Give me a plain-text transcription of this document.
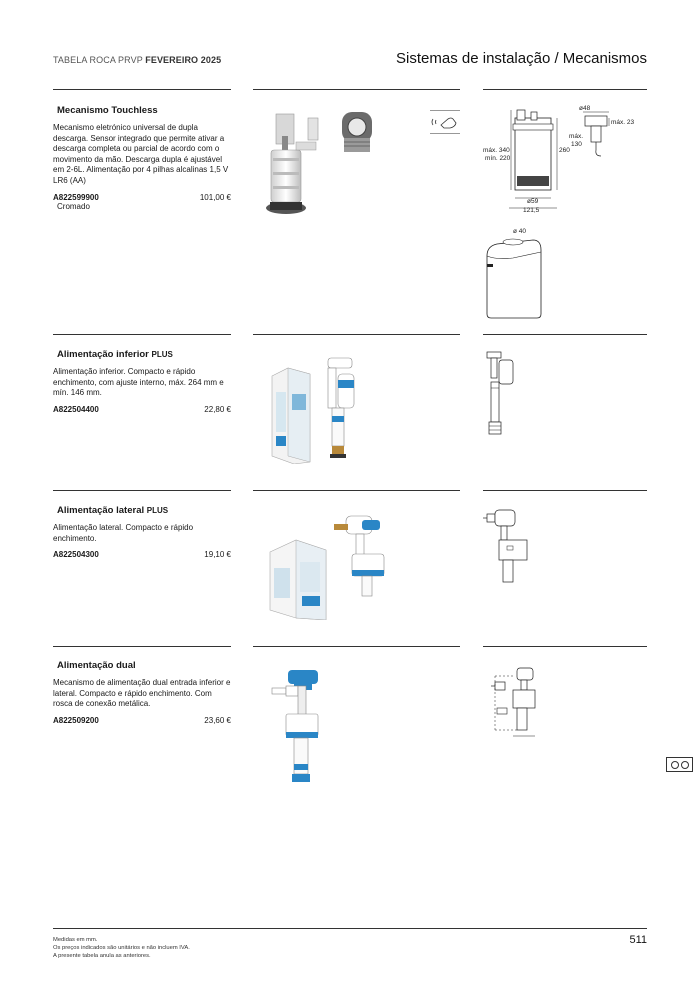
TABELA ROCA PRVP FEVEREIRO 2025	Sistemas de instalação / Mecanismos
Mecanismo Touchless
Mecanismo eletrónico universal de dupla descarga. Sensor integrado que permite ativar a descarga completa ou parcial de acordo com o movimento da mão. Descarga dupla é ajustável em 2-6L. Alimentação por 4 pilhas alcalinas 1,5 V LR6 (AA)
A822599900	101,00 €
Cromado
Alimentação inferior PLUS
Alimentação inferior. Compacto e rápido enchimento, com ajuste interno, máx. 264 mm e mín. 146 mm.
A822504400	22,80 €
Alimentação lateral PLUS
Alimentação lateral. Compacto e rápido enchimento.
A822504300	19,10 €
Alimentação dual
Mecanismo de alimentação dual entrada inferior e lateral. Compacto e rápido enchimento. Com rosca de conexão metálica.
A822509200	23,60 €
máx. 340
mín. 220
260
ø59
121,5
ø48
máx. 23
máx.
130
ø 40
Medidas em mm.
Os preços indicados são unitários e não incluem IVA.
A presente tabela anula as anteriores.
511
